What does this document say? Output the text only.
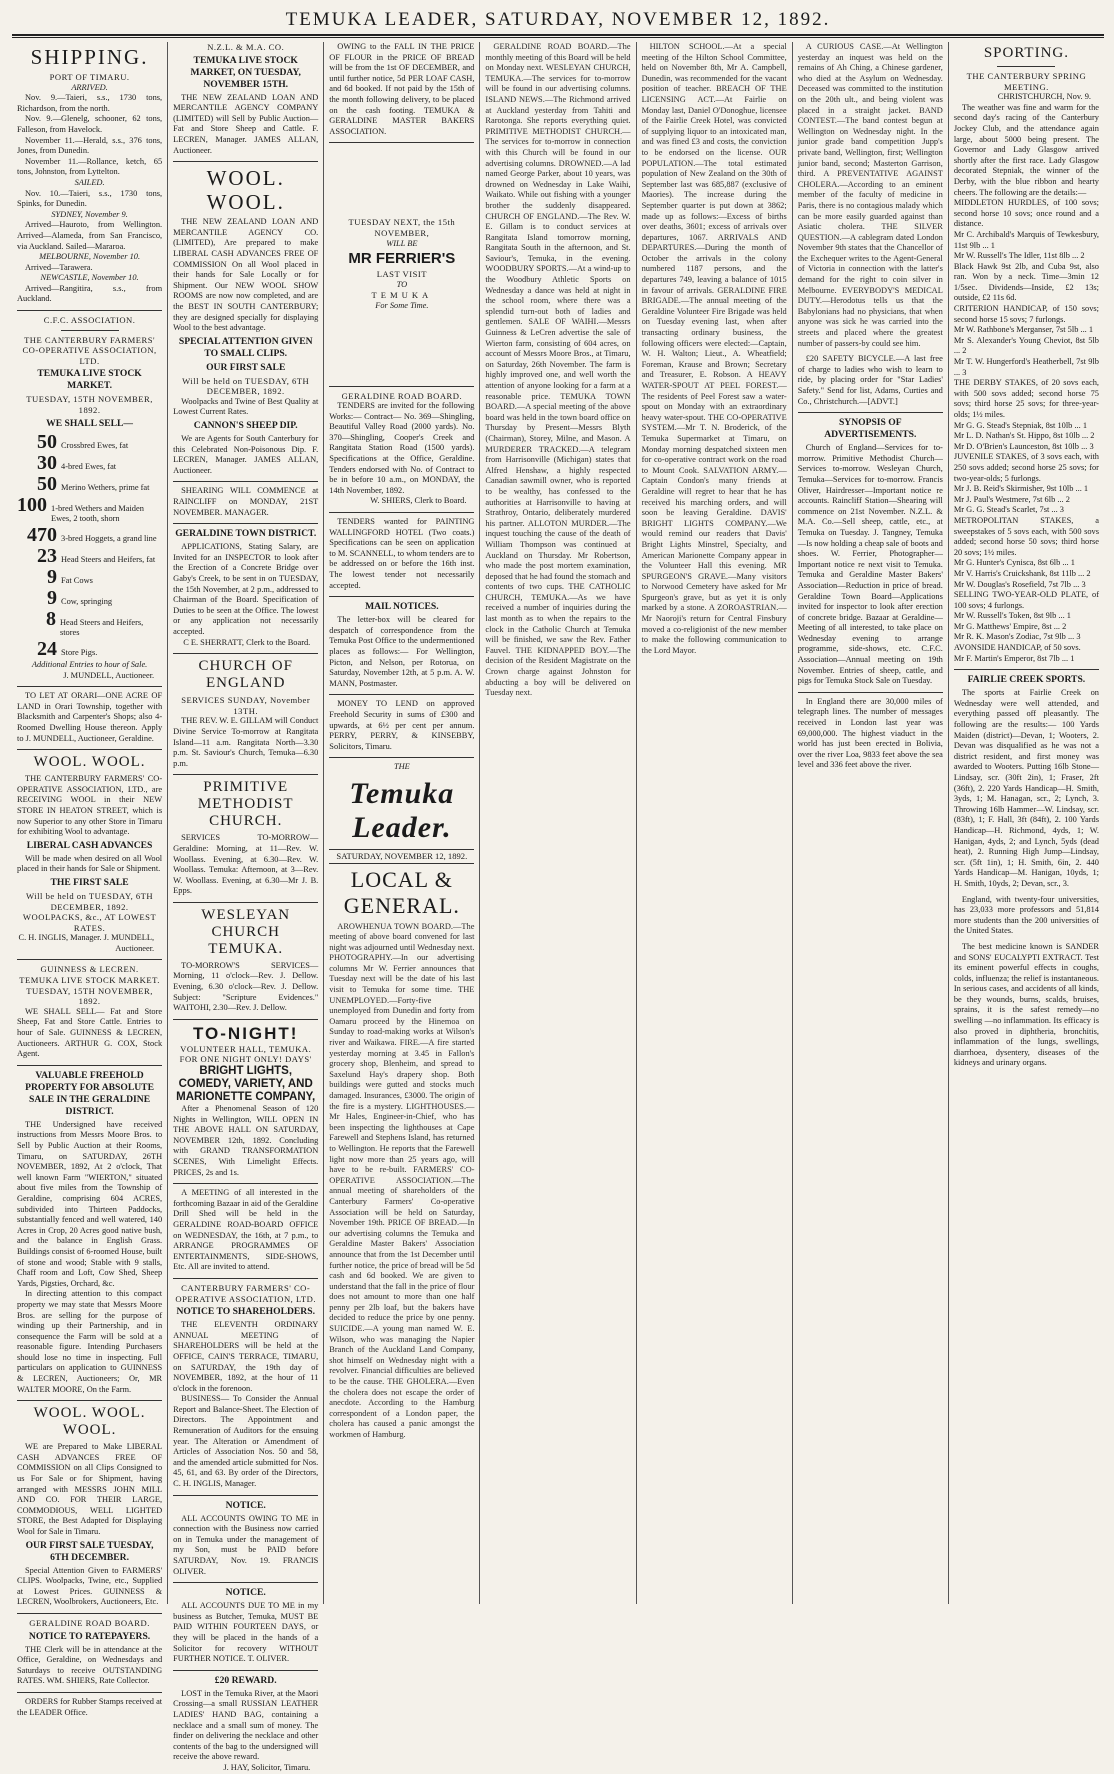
TEMUKA LEADER, SATURDAY, NOVEMBER 12, 1892.
SHIPPING.
PORT OF TIMARU.
ARRIVED.
Nov. 9.—Taieri, s.s., 1730 tons, Richardson, from the north.
Nov. 9.—Glenelg, schooner, 62 tons, Falleson, from Havelock.
November 11.—Herald, s.s., 376 tons, Jones, from Dunedin.
November 11.—Rollance, ketch, 65 tons, Johnston, from Lyttelton.
SAILED.
Nov. 10.—Taieri, s.s., 1730 tons, Spinks, for Dunedin.
SYDNEY, November 9.
Arrived—Hauroto, from Wellington. Arrived—Alameda, from San Francisco, via Auckland. Sailed—Mararoa.
MELBOURNE, November 10.
Arrived—Tarawera.
NEWCASTLE, November 10.
Arrived—Rangitira, s.s., from Auckland.
C.F.C. ASSOCIATION.
THE CANTERBURY FARMERS' CO-OPERATIVE ASSOCIATION, LTD.
TEMUKA LIVE STOCK MARKET.
TUESDAY, 15TH NOVEMBER, 1892.
WE SHALL SELL—
50 Crossbred Ewes, fat
30 4-bred Ewes, fat
50 Merino Wethers, prime fat
100 1-bred Wethers and Maiden Ewes, 2 tooth, shorn
470 3-bred Hoggets, a grand line
23 Head Steers and Heifers, fat
9 Fat Cows
9 Cow, springing
8 Head Steers and Heifers, stores
24 Store Pigs.
Additional Entries to hour of Sale.
J. MUNDELL, Auctioneer.
TO LET AT ORARI—ONE ACRE OF LAND in Orari Township, together with Blacksmith and Carpenter's Shops; also 4-Roomed Dwelling House thereon. Apply to J. MUNDELL, Auctioneer, Geraldine.
WOOL. WOOL.
THE CANTERBURY FARMERS' CO-OPERATIVE ASSOCIATION, LTD., are RECEIVING WOOL in their NEW STORE IN HEATON STREET, which is now Superior to any other Store in Timaru for exhibiting Wool to advantage.
LIBERAL CASH ADVANCES
Will be made when desired on all Wool placed in their hands for Sale or Shipment.
THE FIRST SALE
Will be held on TUESDAY, 6TH DECEMBER, 1892.
WOOLPACKS, &c., AT LOWEST RATES.
C. H. INGLIS, Manager. J. MUNDELL, Auctioneer.
GUINNESS & LECREN.
TEMUKA LIVE STOCK MARKET. TUESDAY, 15TH NOVEMBER, 1892.
WE SHALL SELL— Fat and Store Sheep, Fat and Store Cattle. Entries to hour of Sale. GUINNESS & LECREN, Auctioneers. ARTHUR G. COX, Stock Agent.
VALUABLE FREEHOLD PROPERTY FOR ABSOLUTE SALE IN THE GERALDINE DISTRICT.
THE Undersigned have received instructions from Messrs Moore Bros. to Sell by Public Auction at their Rooms, Timaru, on SATURDAY, 26TH NOVEMBER, 1892, At 2 o'clock, That well known Farm "WIERTON," situated about five miles from the Township of Geraldine, comprising 604 ACRES, subdivided into Thirteen Paddocks, substantially fenced and well watered, 140 Acres in Crop, 20 Acres good native bush, and the balance in English Grass. Buildings consist of 6-roomed House, built of stone and wood; Stable with 9 stalls, Chaff room and Loft, Cow Shed, Sheep Yards, Pigsties, Orchard, &c.
In directing attention to this compact property we may state that Messrs Moore Bros. are selling for the purpose of winding up their Partnership, and in consequence the Farm will be sold at a reasonable figure. Intending Purchasers should lose no time in inspecting. Full particulars on application to GUINNESS & LECREN, Auctioneers; Or, MR WALTER MOORE, On the Farm.
WOOL. WOOL. WOOL.
WE are Prepared to Make LIBERAL CASH ADVANCES FREE OF COMMISSION on all Clips Consigned to us For Sale or for Shipment, having arranged with MESSRS JOHN MILL AND CO. FOR THEIR LARGE, COMMODIOUS, WELL LIGHTED STORE, the Best Adapted for Displaying Wool for Sale in Timaru.
OUR FIRST SALE TUESDAY, 6TH DECEMBER.
Special Attention Given to FARMERS' CLIPS. Woolpacks, Twine, etc., Supplied at Lowest Prices. GUINNESS & LECREN, Woolbrokers, Auctioneers, Etc.
GERALDINE ROAD BOARD.
NOTICE TO RATEPAYERS.
THE Clerk will be in attendance at the Office, Geraldine, on Wednesdays and Saturdays to receive OUTSTANDING RATES. WM. SHIERS, Rate Collector.
ORDERS for Rubber Stamps received at the LEADER Office.
N.Z.L. & M.A. CO.
TEMUKA LIVE STOCK MARKET, ON TUESDAY, NOVEMBER 15TH.
THE NEW ZEALAND LOAN AND MERCANTILE AGENCY COMPANY (LIMITED) will Sell by Public Auction— Fat and Store Sheep and Cattle. F. LECREN, Manager. JAMES ALLAN, Auctioneer.
WOOL. WOOL.
THE NEW ZEALAND LOAN AND MERCANTILE AGENCY CO. (LIMITED), Are prepared to make LIBERAL CASH ADVANCES FREE OF COMMISSION On all Wool placed in their hands for Sale Locally or for Shipment. Our NEW WOOL SHOW ROOMS are now now completed, and are the BEST IN SOUTH CANTERBURY; they are designed specially for displaying Wool to the best advantage.
SPECIAL ATTENTION GIVEN TO SMALL CLIPS.
OUR FIRST SALE
Will be held on TUESDAY, 6TH DECEMBER, 1892.
Woolpacks and Twine of Best Quality at Lowest Current Rates.
CANNON'S SHEEP DIP.
We are Agents for South Canterbury for this Celebrated Non-Poisonous Dip. F. LECREN, Manager. JAMES ALLAN, Auctioneer.
SHEARING WILL COMMENCE at RAINCLIFF on MONDAY, 21ST NOVEMBER. MANAGER.
GERALDINE TOWN DISTRICT.
APPLICATIONS, Stating Salary, are Invited for an INSPECTOR to look after the Erection of a Concrete Bridge over Gaby's Creek, to be sent in on TUESDAY, the 15th November, at 2 p.m., addressed to Chairman of the Board. Specification of Duties to be seen at the Office. The lowest or any application not necessarily accepted.
C E. SHERRATT, Clerk to the Board.
CHURCH OF ENGLAND
SERVICES SUNDAY, November 13TH.
THE REV. W. E. GILLAM will Conduct Divine Service To-morrow at Rangitata Island—11 a.m. Rangitata North—3.30 p.m. St. Saviour's Church, Temuka—6.30 p.m.
PRIMITIVE METHODIST CHURCH.
SERVICES TO-MORROW— Geraldine: Morning, at 11—Rev. W. Woollass. Evening, at 6.30—Rev. W. Woollass. Temuka: Afternoon, at 3—Rev. W. Woollass. Evening, at 6.30—Mr J. B. Epps.
WESLEYAN CHURCH TEMUKA.
TO-MORROW'S SERVICES— Morning, 11 o'clock—Rev. J. Dellow. Evening, 6.30 o'clock—Rev. J. Dellow. Subject: "Scripture Evidences." WAITOHI, 2.30—Rev. J. Dellow.
TO-NIGHT!
VOLUNTEER HALL, TEMUKA. FOR ONE NIGHT ONLY! DAYS'
BRIGHT LIGHTS, COMEDY, VARIETY, AND MARIONETTE COMPANY,
After a Phenomenal Season of 120 Nights in Wellington, WILL OPEN IN THE ABOVE HALL ON SATURDAY, NOVEMBER 12th, 1892. Concluding with GRAND TRANSFORMATION SCENES, With Limelight Effects. PRICES, 2s and 1s.
A MEETING of all interested in the forthcoming Bazaar in aid of the Geraldine Drill Shed will be held in the GERALDINE ROAD-BOARD OFFICE on WEDNESDAY, the 16th, at 7 p.m., to ARRANGE PROGRAMMES OF ENTERTAINMENTS, SIDE-SHOWS, Etc. All are invited to attend.
CANTERBURY FARMERS' CO-OPERATIVE ASSOCIATION, LTD.
NOTICE TO SHAREHOLDERS.
THE ELEVENTH ORDINARY ANNUAL MEETING of SHAREHOLDERS will be held at the OFFICE, CAIN'S TERRACE, TIMARU, on SATURDAY, the 19th day of NOVEMBER, 1892, at the hour of 11 o'clock in the forenoon.
BUSINESS— To Consider the Annual Report and Balance-Sheet. The Election of Directors. The Appointment and Remuneration of Auditors for the ensuing year. The Alteration or Amendment of Articles of Association Nos. 50 and 58, and the amended article submitted for Nos. 45, 61, and 63. By order of the Directors, C. H. INGLIS, Manager.
NOTICE.
ALL ACCOUNTS OWING TO ME in connection with the Business now carried on in Temuka under the management of my Son, must be PAID before SATURDAY, Nov. 19. FRANCIS OLIVER.
NOTICE.
ALL ACCOUNTS DUE TO ME in my business as Butcher, Temuka, MUST BE PAID WITHIN FOURTEEN DAYS, or they will be placed in the hands of a Solicitor for recovery WITHOUT FURTHER NOTICE. T. OLIVER.
£20 REWARD.
LOST in the Temuka River, at the Maori Crossing—a small RUSSIAN LEATHER LADIES' HAND BAG, containing a necklace and a small sum of money. The finder on delivering the necklace and other contents of the bag to the undersigned will receive the above reward.
J. HAY, Solicitor, Timaru.
OWING to the FALL IN THE PRICE OF FLOUR in the PRICE OF BREAD will be from the 1st OF DECEMBER, and until further notice, 5d PER LOAF CASH, and 6d booked. If not paid by the 15th of the month following delivery, to be placed on the cash footing. TEMUKA & GERALDINE MASTER BAKERS ASSOCIATION.
TUESDAY NEXT, the 15th NOVEMBER,
WILL BE
MR FERRIER'S
LAST VISIT
TO
TEMUKA
For Some Time.
GERALDINE ROAD BOARD.
TENDERS are invited for the following Works:— Contract— No. 369—Shingling, Beautiful Valley Road (2000 yards). No. 370—Shingling, Cooper's Creek and Rangitata Station Road (1500 yards). Specifications at the Office, Geraldine. Tenders endorsed with No. of Contract to be in before 10 a.m., on MONDAY, the 14th November, 1892.
W. SHIERS, Clerk to Board.
TENDERS wanted for PAINTING WALLINGFORD HOTEL (Two coats.) Specifications can be seen on application to M. SCANNELL, to whom tenders are to be addressed on or before the 16th inst. The lowest tender not necessarily accepted.
MAIL NOTICES.
The letter-box will be cleared for despatch of correspondence from the Temuka Post Office to the undermentioned places as follows:— For Wellington, Picton, and Nelson, per Rotorua, on Saturday, November 12th, at 5 p.m. A. W. MANN, Postmaster.
MONEY TO LEND on approved Freehold Security in sums of £300 and upwards, at 6½ per cent per annum. PERRY, PERRY, & KINSEBBY, Solicitors, Timaru.
THE
Temuka Leader.
SATURDAY, NOVEMBER 12, 1892.
LOCAL & GENERAL.
AROWHENUA TOWN BOARD.—The meeting of above board convened for last night was adjourned until Wednesday next. PHOTOGRAPHY.—In our advertising columns Mr W. Ferrier announces that Tuesday next will be the date of his last visit to Temuka for some time. THE UNEMPLOYED.—Forty-five unemployed from Dunedin and forty from Oamaru proceed by the Hinemoa on Sunday to road-making works at Wilson's river and Waikawa. FIRE.—A fire started yesterday morning at 3.45 in Fallon's grocery shop, Blenheim, and spread to Saxelund Hay's drapery shop. Both buildings were gutted and stocks much damaged. Insurances, £3000. The origin of the fire is a mystery. LIGHTHOUSES.—Mr Hales, Engineer-in-Chief, who has been inspecting the lighthouses at Cape Farewell and Stephens Island, has returned to Wellington. He reports that the Farewell light now more than 25 years ago, will have to be re-built. FARMERS' CO-OPERATIVE ASSOCIATION.—The annual meeting of shareholders of the Canterbury Farmers' Co-operative Association will be held on Saturday, November 19th. PRICE OF BREAD.—In our advertising columns the Temuka and Geraldine Master Bakers' Association announce that from the 1st December until further notice, the price of bread will be 5d cash and 6d booked. We are given to understand that the fall in the price of flour does not amount to more than one half penny per 2lb loaf, but the bakers have decided to reduce the price by one penny. SUICIDE.—A young man named W. E. Wilson, who was managing the Napier Branch of the Auckland Land Company, shot himself on Wednesday night with a revolver. Financial difficulties are believed to be the cause. THE GHOLERA.—Even the cholera does not escape the order of anecdote. According to the Hamburg correspondent of a London paper, the cholera has caused a panic amongst the workmen of Hamburg.
GERALDINE ROAD BOARD.—The monthly meeting of this Board will be held on Monday next. WESLEYAN CHURCH, TEMUKA.—The services for to-morrow will be found in our advertising columns. ISLAND NEWS.—The Richmond arrived at Auckland yesterday from Tahiti and Rarotonga. She reports everything quiet. PRIMITIVE METHODIST CHURCH.—The services for to-morrow in connection with this Church will be found in our advertising columns. DROWNED.—A lad named George Parker, about 10 years, was drowned on Wednesday in Lake Waihi, Waikato. While out fishing with a younger brother the suddenly disappeared. CHURCH OF ENGLAND.—The Rev. W. E. Gillam is to conduct services at Rangitata Island tomorrow morning, Rangitata South in the afternoon, and St. Saviour's, Temuka, in the evening. WOODBURY SPORTS.—At a wind-up to the Woodbury Athletic Sports on Wednesday a dance was held at night in the school room, where there was a splendid turn-out both of ladies and gentlemen. SALE OF WAIHI.—Messrs Guinness & LeCren advertise the sale of Wierton farm, consisting of 604 acres, on account of Messrs Moore Bros., at Timaru, on Saturday, 26th November. The farm is highly improved one, and well worth the attention of anyone looking for a farm at a reasonable price. TEMUKA TOWN BOARD.—A special meeting of the above board was held in the town board office on Thursday by Present—Messrs Blyth (Chairman), Storey, Milne, and Mason. A MURDERER TRACKED.—A telegram from Harrisonville (Michigan) states that Alfred Henshaw, a highly respected Canadian sawmill owner, who is reported to be wealthy, has confessed to the authorities at Harrisonville to having at Strathroy, Ontario, deliberately murdered his partner. ALLOTON MURDER.—The inquest touching the cause of the death of William Thompson was continued at Auckland on Thursday. Mr Robertson, who made the post mortem examination, deposed that he had found the stomach and contents of two cups. THE CATHOLIC CHURCH, TEMUKA.—As we have received a number of inquiries during the last month as to when the repairs to the clock in the Catholic Church at Temuka will be finished, we saw the Rev. Father Fauvel. THE KIDNAPPED BOY.—The decision of the Resident Magistrate on the Crown charge against Johnston for abducting a boy will be delivered on Tuesday next.
HILTON SCHOOL.—At a special meeting of the Hilton School Committee, held on November 8th, Mr A. Campbell, Dunedin, was recommended for the vacant position of teacher. BREACH OF THE LICENSING ACT.—At Fairlie on Monday last, Daniel O'Donoghue, licensee of the Fairlie Creek Hotel, was convicted of supplying liquor to an intoxicated man, and was fined £3 and costs, the conviction to be endorsed on the license. OUR POPULATION.—The total estimated population of New Zealand on the 30th of September last was 685,887 (exclusive of Maories). The increase during the September quarter is put down at 3862; made up as follows:—Excess of births over deaths, 3601; excess of arrivals over departures, 1067. ARRIVALS AND DEPARTURES.—During the month of October the arrivals in the colony numbered 1187 persons, and the departures 749, leaving a balance of 1015 in favour of arrivals. GERALDINE FIRE BRIGADE.—The annual meeting of the Geraldine Volunteer Fire Brigade was held on Tuesday evening last, when after transacting ordinary business, the following officers were elected:—Captain, W. H. Walton; Lieut., A. Wheatfield; Foreman, Krause and Brown; Secretary and Treasurer, E. Robson. A HEAVY WATER-SPOUT AT PEEL FOREST.—The residents of Peel Forest saw a water-spout on Monday with an extraordinary heavy water-spout. THE CO-OPERATIVE SYSTEM.—Mr T. N. Broderick, of the Temuka Supermarket at Timaru, on Monday morning despatched sixteen men for co-operative contract work on the road to Mount Cook. SALVATION ARMY.—Captain Condon's many friends at Geraldine will regret to hear that he has received his marching orders, and will soon be leaving Geraldine. DAVIS' BRIGHT LIGHTS COMPANY.—We would remind our readers that Davis' Bright Lights Minstrel, Specialty, and American Marionette Company appear in the Volunteer Hall this evening. MR SPURGEON'S GRAVE.—Many visitors to Norwood Cemetery have asked for Mr Spurgeon's grave, but as yet it is only marked by a stone. A ZOROASTRIAN.—Mr Naoroji's return for Central Finsbury moved a co-religionist of the new member to make the following communication to the Lord Mayor.
A CURIOUS CASE.—At Wellington yesterday an inquest was held on the remains of Ah Ching, a Chinese gardener, who died at the Asylum on Wednesday. Deceased was committed to the institution on the 20th ult., and being violent was placed in a straight jacket. BAND CONTEST.—The band contest begun at Wellington on Wednesday night. In the junior grade band competition Jupp's private band, Wellington, first; Wellington junior band, second; Masterton Garrison, third. A PREVENTATIVE AGAINST CHOLERA.—According to an eminent member of the faculty of medicine in Paris, there is no contagious malady which can be more easily guarded against than Asiatic cholera. THE SILVER QUESTION.—A cablegram dated London November 9th states that the Chancellor of the Exchequer writes to the Agent-General of Victoria in connection with the latter's demand for the right to coin silver in Melbourne. EVERYBODY'S MEDICAL DUTY.—Herodotus tells us that the Babylonians had no physicians, that when anyone was sick he was carried into the streets and placed where the greatest number of passers-by could see him.
£20 SAFETY BICYCLE.—A last free of charge to ladies who wish to learn to ride, by placing order for "Star Ladies' Safety." Send for list, Adams, Curties and Co., Christchurch.—[ADVT.]
SYNOPSIS OF ADVERTISEMENTS.
Church of England—Services for to-morrow. Primitive Methodist Church—Services to-morrow. Wesleyan Church, Temuka—Services for to-morrow. Francis Oliver, Hairdresser—Important notice re accounts. Raincliff Station—Shearing will commence on 21st November. N.Z.L. & M.A. Co.—Sell sheep, cattle, etc., at Temuka on Tuesday. J. Tangney, Temuka—Is now holding a cheap sale of boots and shoes. W. Ferrier, Photographer—Important notice re next visit to Temuka. Temuka and Geraldine Master Bakers' Association—Reduction in price of bread. Geraldine Town Board—Applications invited for inspector to look after erection of concrete bridge. Bazaar at Geraldine—Meeting of all interested, to take place on Wednesday evening to arrange programme, side-shows, etc. C.F.C. Association—Annual meeting on 19th November. Entries of sheep, cattle, and pigs for Temuka Stock Sale on Tuesday.
In England there are 30,000 miles of telegraph lines. The number of messages received in London last year was 69,000,000. The highest viaduct in the world has just been erected in Bolivia, over the river Loa, 9833 feet above the sea level and 336 feet above the river.
SPORTING.
THE CANTERBURY SPRING MEETING.
CHRISTCHURCH, Nov. 9.
The weather was fine and warm for the second day's racing of the Canterbury Jockey Club, and the attendance again large, about 5000 being present. The Governor and Lady Glasgow arrived shortly after the first race. Lady Glasgow decorated Stepniak, the winner of the Derby, with the blue ribbon and hearty cheers. The following are the details:—
MIDDLETON HURDLES, of 100 sovs; second horse 10 sovs; once round and a distance.
Mr C. Archibald's Marquis of Tewkesbury, 11st 9lb ... 1
Mr W. Russell's The Idler, 11st 8lb ... 2
Black Hawk 9st 2lb, and Cuba 9st, also ran. Won by a neck. Time—3min 12 1/5sec. Dividends—Inside, £2 13s; outside, £2 11s 6d.
CRITERION HANDICAP, of 150 sovs; second horse 15 sovs; 7 furlongs.
Mr W. Rathbone's Merganser, 7st 5lb ... 1
Mr S. Alexander's Young Cheviot, 8st 5lb ... 2
Mr T. W. Hungerford's Heatherbell, 7st 9lb ... 3
THE DERBY STAKES, of 20 sovs each, with 500 sovs added; second horse 75 sovs; third horse 25 sovs; for three-year-olds; 1½ miles.
Mr G. G. Stead's Stepniak, 8st 10lb ... 1
Mr L. D. Nathan's St. Hippo, 8st 10lb ... 2
Mr D. O'Brien's Launceston, 8st 10lb ... 3
JUVENILE STAKES, of 3 sovs each, with 250 sovs added; second horse 25 sovs; for two-year-olds; 5 furlongs.
Mr J. B. Reid's Skirmisher, 9st 10lb ... 1
Mr J. Paul's Westmere, 7st 6lb ... 2
Mr G. G. Stead's Scarlet, 7st ... 3
METROPOLITAN STAKES, a sweepstakes of 5 sovs each, with 500 sovs added; second horse 50 sovs; third horse 20 sovs; 1½ miles.
Mr G. Hunter's Cynisca, 8st 6lb ... 1
Mr V. Harris's Cruickshank, 8st 11lb ... 2
Mr W. Douglas's Rosefield, 7st 7lb ... 3
SELLING TWO-YEAR-OLD PLATE, of 100 sovs; 4 furlongs.
Mr W. Russell's Token, 8st 9lb ... 1
Mr G. Matthews' Empire, 8st ... 2
Mr R. K. Mason's Zodiac, 7st 9lb ... 3
AVONSIDE HANDICAP, of 50 sovs.
Mr F. Martin's Emperor, 8st 7lb ... 1
FAIRLIE CREEK SPORTS.
The sports at Fairlie Creek on Wednesday were well attended, and everything passed off pleasantly. The following are the results:— 100 Yards Maiden (district)—Devan, 1; Wooters, 2. Devan was disqualified as he was not a district resident, and first money was awarded to Wooters. Putting 16lb Stone—Lindsay, scr. (30ft 2in), 1; Fraser, 2ft (36ft), 2. 220 Yards Handicap—H. Smith, 3yds, 1; M. Hanagan, scr., 2; Lynch, 3. Throwing 16lb Hammer—W. Lindsay, scr. (83ft), 1; F. Hall, 3ft (84ft), 2. 100 Yards Handicap—H. Richmond, 4yds, 1; W. Hanigan, 4yds, 2; and Lynch, 5yds (dead heat), 2. Running High Jump—Lindsay, scr. (5ft 1in), 1; H. Smith, 6in, 2. 440 Yards Handicap—M. Hanigan, 10yds, 1; H. Smith, 10yds, 2; Devan, scr., 3.
England, with twenty-four universities, has 23,033 more professors and 51,814 more students than the 200 universities of the United States.
The best medicine known is SANDER and SONS' EUCALYPTI EXTRACT. Test its eminent powerful effects in coughs, colds, influenza; the relief is instantaneous. In serious cases, and accidents of all kinds, be they wounds, burns, scalds, bruises, sprains, it is the safest remedy—no swelling —no inflammation. Its efficacy is also proved in diphtheria, bronchitis, inflammation of the lungs, swellings, diarrhoea, dysentery, diseases of the kidneys and urinary organs.
